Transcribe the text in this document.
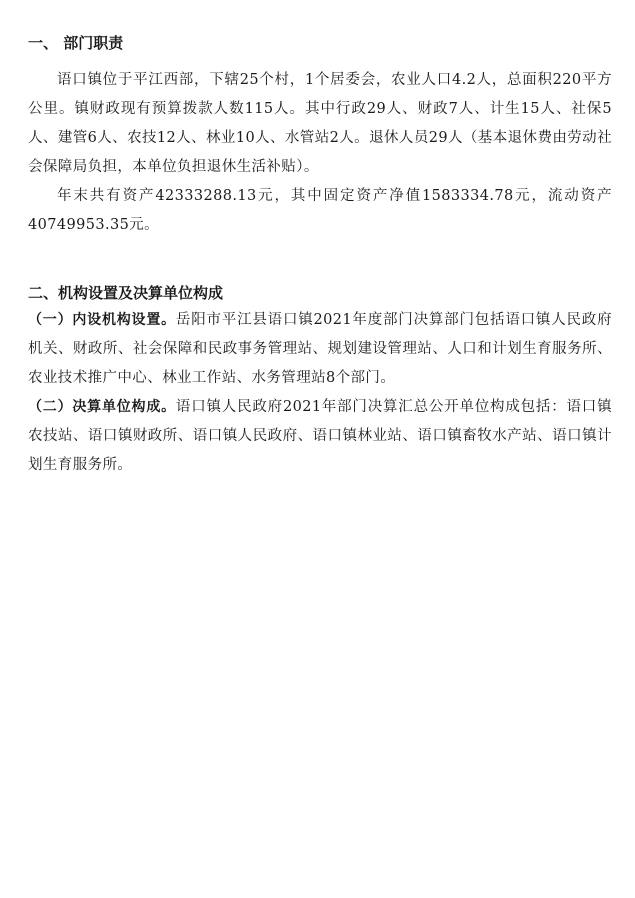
一、 部门职责

语口镇位于平江西部，下辖25个村，1个居委会，农业人口4.2人，总面积220平方公里。镇财政现有预算拨款人数115人。其中行政29人、财政7人、计生15人、社保5人、建管6人、农技12人、林业10人、水管站2人。退休人员29人（基本退休费由劳动社会保障局负担，本单位负担退休生活补贴）。

年末共有资产42333288.13元，其中固定资产净值1583334.78元，流动资产40749953.35元。

二、机构设置及决算单位构成

（一）内设机构设置。岳阳市平江县语口镇2021年度部门决算部门包括语口镇人民政府机关、财政所、社会保障和民政事务管理站、规划建设管理站、人口和计划生育服务所、农业技术推广中心、林业工作站、水务管理站8个部门。

（二）决算单位构成。语口镇人民政府2021年部门决算汇总公开单位构成包括：语口镇农技站、语口镇财政所、语口镇人民政府、语口镇林业站、语口镇畜牧水产站、语口镇计划生育服务所。
